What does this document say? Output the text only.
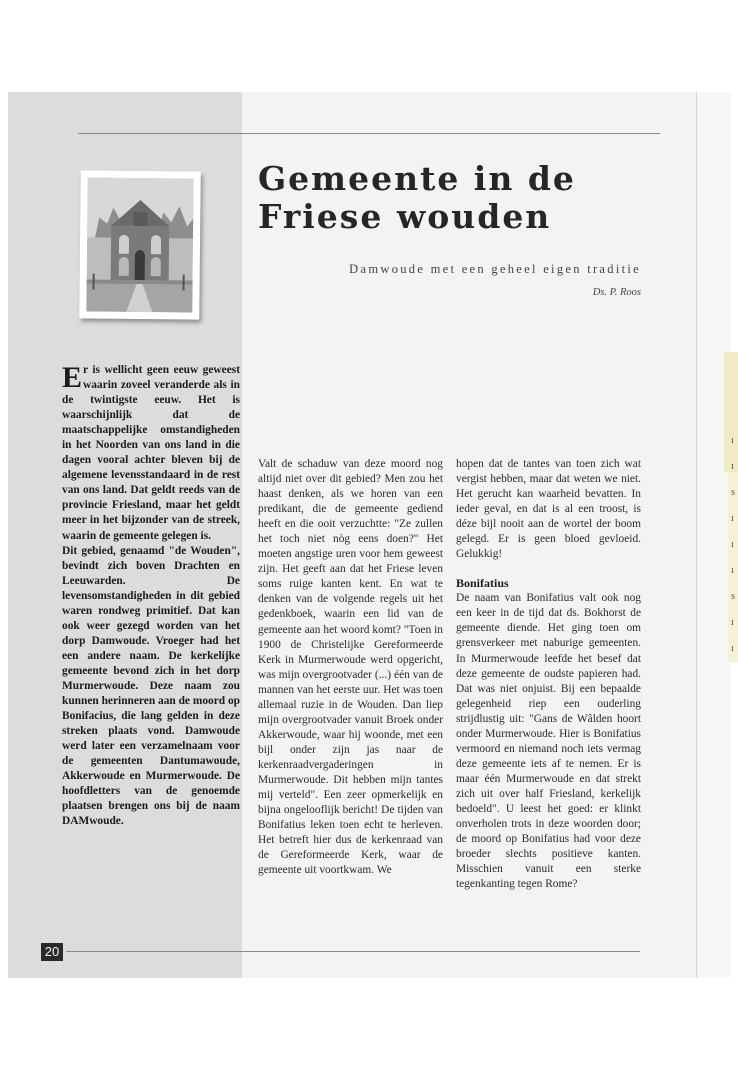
ı
ı
s
ı
ı
ı
s
ı
ı
Gemeente in de
Friese wouden
Damwoude met een geheel eigen traditie
Ds. P. Roos

Er is wellicht geen eeuw geweest waarin zoveel veranderde als in de twintigste eeuw. Het is waarschijnlijk dat de maatschappelijke omstandigheden in het Noorden van ons land in die dagen vooral achter bleven bij de algemene levensstandaard in de rest van ons land. Dat geldt reeds van de provincie Friesland, maar het geldt meer in het bijzonder van de streek, waarin de gemeente gelegen is.

Dit gebied, genaamd "de Wouden", bevindt zich boven Drachten en Leeuwarden. De levensomstandigheden in dit gebied waren rondweg primitief. Dat kan ook weer gezegd worden van het dorp Damwoude. Vroeger had het een andere naam. De kerkelijke gemeente bevond zich in het dorp Murmerwoude. Deze naam zou kunnen herinneren aan de moord op Bonifacius, die lang gelden in deze streken plaats vond. Damwoude werd later een verzamelnaam voor de gemeenten Dantumawoude, Akkerwoude en Murmerwoude. De hoofdletters van de genoemde plaatsen brengen ons bij de naam DAMwoude.

Valt de schaduw van deze moord nog altijd niet over dit gebied? Men zou het haast denken, als we horen van een predikant, die de gemeente gediend heeft en die ooit verzuchtte: "Ze zullen het toch niet nòg eens doen?" Het moeten angstige uren voor hem geweest zijn. Het geeft aan dat het Friese leven soms ruige kanten kent. En wat te denken van de volgende regels uit het gedenkboek, waarin een lid van de gemeente aan het woord komt? "Toen in 1900 de Christelijke Gereformeerde Kerk in Murmerwoude werd opgericht, was mijn overgrootvader (...) één van de mannen van het eerste uur. Het was toen allemaal ruzie in de Wouden. Dan liep mijn overgrootvader vanuit Broek onder Akkerwoude, waar hij woonde, met een bijl onder zijn jas naar de kerkenraadvergaderingen in Murmerwoude. Dit hebben mijn tantes mij verteld". Een zeer opmerkelijk en bijna ongelooflijk bericht! De tijden van Bonifatius leken toen echt te herleven. Het betreft hier dus de kerkenraad van de Gereformeerde Kerk, waar de gemeente uit voortkwam. We

hopen dat de tantes van toen zich wat vergist hebben, maar dat weten we niet. Het gerucht kan waarheid bevatten. In ieder geval, en dat is al een troost, is déze bijl nooit aan de wortel der boom gelegd. Er is geen bloed gevloeid. Gelukkig!

Bonifatius

De naam van Bonifatius valt ook nog een keer in de tijd dat ds. Bokhorst de gemeente diende. Het ging toen om grensverkeer met naburige gemeenten. In Murmerwoude leefde het besef dat deze gemeente de oudste papieren had. Dat was niet onjuist. Bij een bepaalde gelegenheid riep een ouderling strijdlustig uit: "Gans de Wâlden hoort onder Murmerwoude. Hier is Bonifatius vermoord en niemand noch iets vermag deze gemeente iets af te nemen. Er is maar één Murmerwoude en dat strekt zich uit over half Friesland, kerkelijk bedoeld". U leest het goed: er klinkt onverholen trots in deze woorden door; de moord op Bonifatius had voor deze broeder slechts positieve kanten. Misschien vanuit een sterke tegenkanting tegen Rome?

20
